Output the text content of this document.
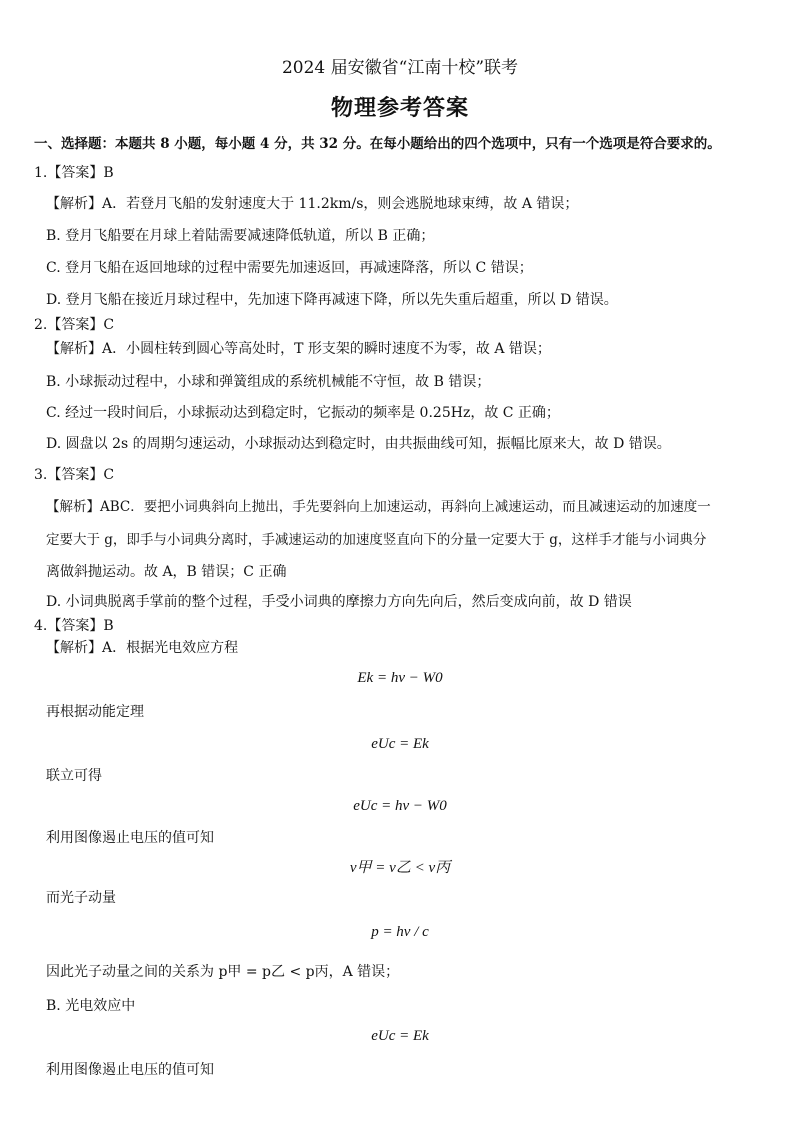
2024 届安徽省“江南十校”联考
物理参考答案
一、选择题：本题共 8 小题，每小题 4 分，共 32 分。在每小题给出的四个选项中，只有一个选项是符合要求的。
1.【答案】B
【解析】A．若登月飞船的发射速度大于 11.2km/s，则会逃脱地球束缚，故 A 错误；
B. 登月飞船要在月球上着陆需要减速降低轨道，所以 B 正确；
C. 登月飞船在返回地球的过程中需要先加速返回，再减速降落，所以 C 错误；
D. 登月飞船在接近月球过程中，先加速下降再减速下降，所以先失重后超重，所以 D 错误。
2.【答案】C
【解析】A．小圆柱转到圆心等高处时，T 形支架的瞬时速度不为零，故 A 错误；
B. 小球振动过程中，小球和弹簧组成的系统机械能不守恒，故 B 错误；
C. 经过一段时间后，小球振动达到稳定时，它振动的频率是 0.25Hz，故 C 正确；
D. 圆盘以 2s 的周期匀速运动，小球振动达到稳定时，由共振曲线可知，振幅比原来大，故 D 错误。
3.【答案】C
【解析】ABC．要把小词典斜向上抛出，手先要斜向上加速运动，再斜向上减速运动，而且减速运动的加速度一
定要大于 g，即手与小词典分离时，手减速运动的加速度竖直向下的分量一定要大于 g，这样手才能与小词典分
离做斜抛运动。故 A，B 错误；C 正确
D. 小词典脱离手掌前的整个过程，手受小词典的摩擦力方向先向后，然后变成向前，故 D 错误
4.【答案】B
【解析】A．根据光电效应方程
Ek = hν − W0
再根据动能定理
eUc = Ek
联立可得
eUc = hν − W0
利用图像遏止电压的值可知
ν甲 = ν乙 < ν丙
而光子动量
p = hν / c
因此光子动量之间的关系为 p甲 = p乙 < p丙，A 错误；
B. 光电效应中
eUc = Ek
利用图像遏止电压的值可知
